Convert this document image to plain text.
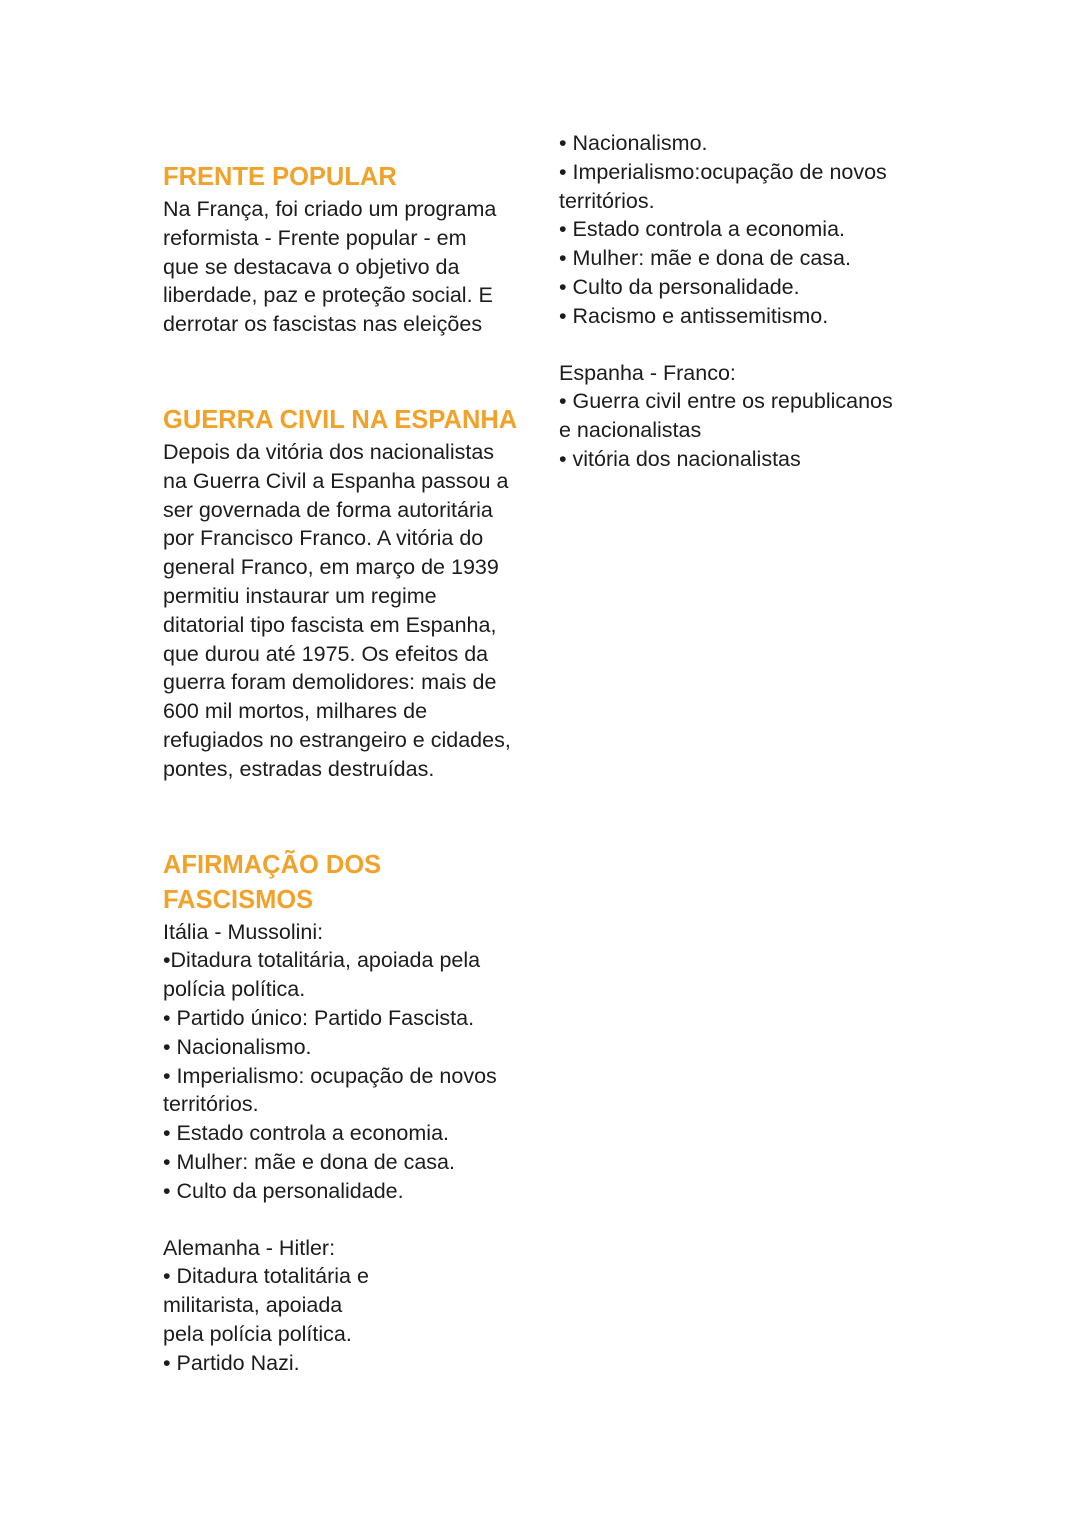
FRENTE POPULAR
Na França, foi criado um programa
reformista - Frente popular - em
que se destacava o objetivo da
liberdade, paz e proteção social. E
derrotar os fascistas nas eleições
GUERRA CIVIL NA ESPANHA
Depois da vitória dos nacionalistas
na Guerra Civil a Espanha passou a
ser governada de forma autoritária
por Francisco Franco. A vitória do
general Franco, em março de 1939
permitiu instaurar um regime
ditatorial tipo fascista em Espanha,
que durou até 1975. Os efeitos da
guerra foram demolidores: mais de
600 mil mortos, milhares de
refugiados no estrangeiro e cidades,
pontes, estradas destruídas.
AFIRMAÇÃO DOS
FASCISMOS
Itália - Mussolini:
•Ditadura totalitária, apoiada pela
polícia política.
• Partido único: Partido Fascista.
• Nacionalismo.
• Imperialismo: ocupação de novos
territórios.
• Estado controla a economia.
• Mulher: mãe e dona de casa.
• Culto da personalidade.
Alemanha - Hitler:
• Ditadura totalitária e
militarista, apoiada
pela polícia política.
• Partido Nazi.
• Nacionalismo.
• Imperialismo:ocupação de novos
territórios.
• Estado controla a economia.
• Mulher: mãe e dona de casa.
• Culto da personalidade.
• Racismo e antissemitismo.
Espanha - Franco:
• Guerra civil entre os republicanos
e nacionalistas
• vitória dos nacionalistas
